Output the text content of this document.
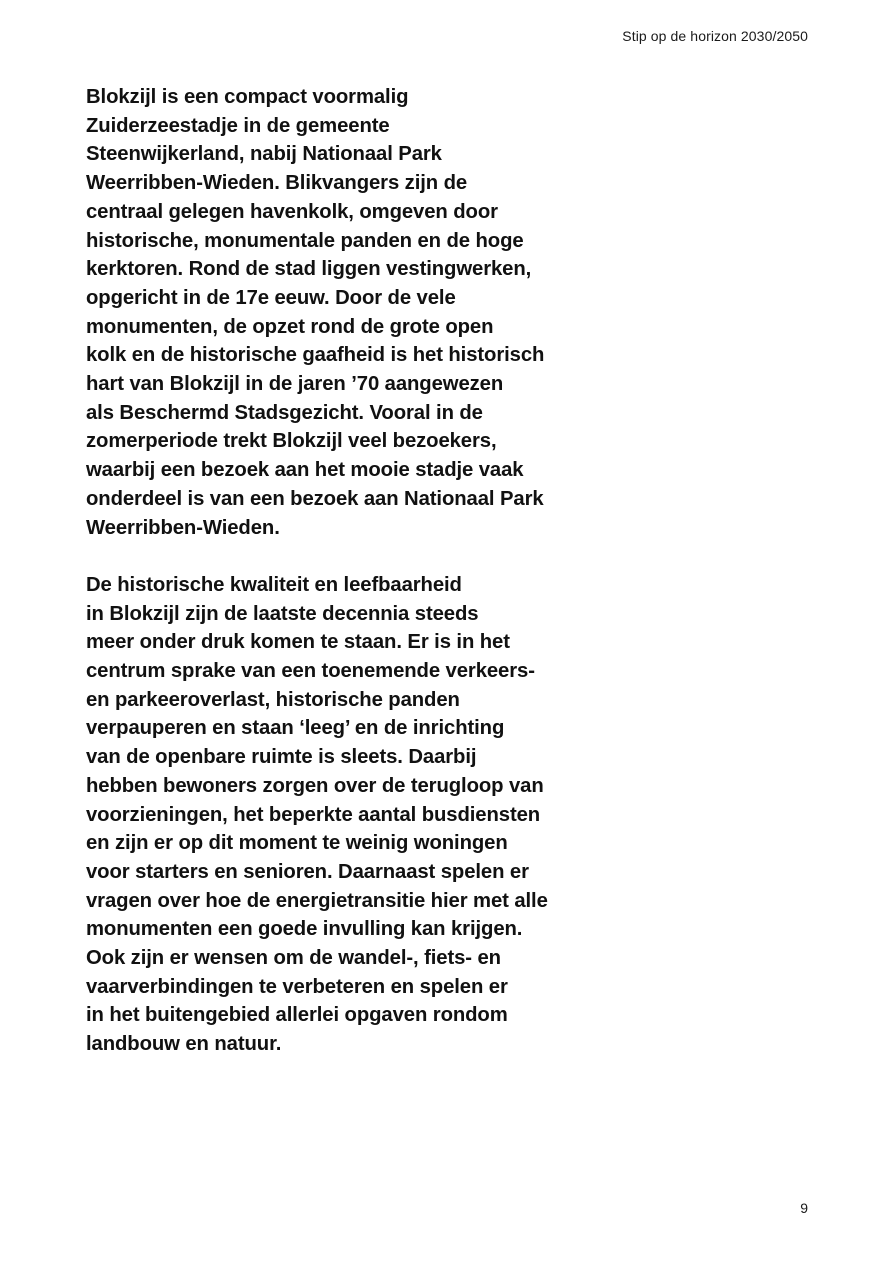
Stip op de horizon 2030/2050

Blokzijl is een compact voormalig
Zuiderzeestadje in de gemeente
Steenwijkerland, nabij Nationaal Park
Weerribben-Wieden. Blikvangers zijn de
centraal gelegen havenkolk, omgeven door
historische, monumentale panden en de hoge
kerktoren. Rond de stad liggen vestingwerken,
opgericht in de 17e eeuw. Door de vele
monumenten, de opzet rond de grote open
kolk en de historische gaafheid is het historisch
hart van Blokzijl in de jaren ’70 aangewezen
als Beschermd Stadsgezicht. Vooral in de
zomerperiode trekt Blokzijl veel bezoekers,
waarbij een bezoek aan het mooie stadje vaak
onderdeel is van een bezoek aan Nationaal Park
Weerribben-Wieden.

De historische kwaliteit en leefbaarheid
in Blokzijl zijn de laatste decennia steeds
meer onder druk komen te staan. Er is in het
centrum sprake van een toenemende verkeers-
en parkeeroverlast, historische panden
verpauperen en staan ‘leeg’ en de inrichting
van de openbare ruimte is sleets. Daarbij
hebben bewoners zorgen over de terugloop van
voorzieningen, het beperkte aantal busdiensten
en zijn er op dit moment te weinig woningen
voor starters en senioren. Daarnaast spelen er
vragen over hoe de energietransitie hier met alle
monumenten een goede invulling kan krijgen.
Ook zijn er wensen om de wandel-, fiets- en
vaarverbindingen te verbeteren en spelen er
in het buitengebied allerlei opgaven rondom
landbouw en natuur.

9
